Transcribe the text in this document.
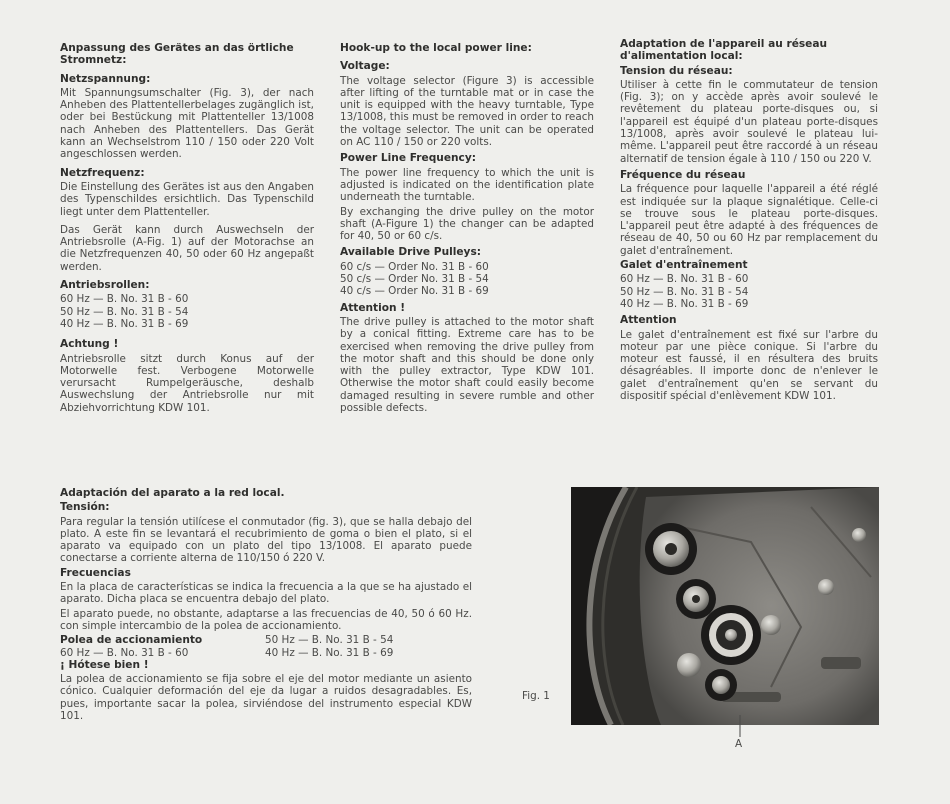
Anpassung des Gerätes an das örtliche
Stromnetz:
Netzspannung:

Mit Spannungsumschalter (Fig. 3), der nach Anheben des Plattentellerbelages zugänglich ist, oder bei Bestückung mit Plattenteller 13/1008 nach Anheben des Plattentellers. Das Gerät kann an Wechselstrom 110 / 150 oder 220 Volt angeschlossen werden.

Netzfrequenz:

Die Einstellung des Gerätes ist aus den Angaben des Typenschildes ersichtlich. Das Typenschild liegt unter dem Plattenteller.

Das Gerät kann durch Auswechseln der Antriebsrolle (A-Fig. 1) auf der Motorachse an die Netzfrequenzen 40, 50 oder 60 Hz angepaßt werden.

Antriebsrollen:
60 Hz — B. No. 31 B - 60
50 Hz — B. No. 31 B - 54
40 Hz — B. No. 31 B - 69
Achtung !

Antriebsrolle sitzt durch Konus auf der Motorwelle fest. Verbogene Motorwelle verursacht Rumpelgeräusche, deshalb Auswechslung der Antriebsrolle nur mit Abziehvorrichtung KDW 101.

Hook-up to the local power line:
Voltage:

The voltage selector (Figure 3) is accessible after lifting of the turntable mat or in case the unit is equipped with the heavy turntable, Type 13/1008, this must be removed in order to reach the voltage selector. The unit can be operated on AC 110 / 150 or 220 volts.

Power Line Frequency:

The power line frequency to which the unit is adjusted is indicated on the identification plate underneath the turntable.

By exchanging the drive pulley on the motor shaft (A-Figure 1) the changer can be adapted for 40, 50 or 60 c/s.

Available Drive Pulleys:
60 c/s — Order No. 31 B - 60
50 c/s — Order No. 31 B - 54
40 c/s — Order No. 31 B - 69
Attention !

The drive pulley is attached to the motor shaft by a conical fitting. Extreme care has to be exercised when removing the drive pulley from the motor shaft and this should be done only with the pulley extractor, Type KDW 101. Otherwise the motor shaft could easily become damaged resulting in severe rumble and other possible defects.

Adaptation de l'appareil au réseau
d'alimentation local:
Tension du réseau:

Utiliser à cette fin le commutateur de tension (Fig. 3); on y accède après avoir soulevé le revêtement du plateau porte-disques ou, si l'appareil est équipé d'un plateau porte-disques 13/1008, après avoir soulevé le plateau lui-même. L'appareil peut être raccordé à un réseau alternatif de tension égale à 110 / 150 ou 220 V.

Fréquence du réseau

La fréquence pour laquelle l'appareil a été réglé est indiquée sur la plaque signalétique. Celle-ci se trouve sous le plateau porte-disques. L'appareil peut être adapté à des fréquences de réseau de 40, 50 ou 60 Hz par remplacement du galet d'entraînement.

Galet d'entraînement
60 Hz — B. No. 31 B - 60
50 Hz — B. No. 31 B - 54
40 Hz — B. No. 31 B - 69
Attention

Le galet d'entraînement est fixé sur l'arbre du moteur par une pièce conique. Si l'arbre du moteur est faussé, il en résultera des bruits désagréables. Il importe donc de n'enlever le galet d'entraînement qu'en se servant du dispositif spécial d'enlèvement KDW 101.

Adaptación del aparato a la red local.
Tensión:

Para regular la tensión utilícese el conmutador (fig. 3), que se halla debajo del plato. A este fin se levantará el recubrimiento de goma o bien el plato, si el aparato va equipado con un plato del tipo 13/1008. El aparato puede conectarse a corriente alterna de 110/150 ó 220 V.

Frecuencias

En la placa de características se indica la frecuencia a la que se ha ajustado el aparato. Dicha placa se encuentra debajo del plato.

El aparato puede, no obstante, adaptarse a las frecuencias de 40, 50 ó 60 Hz. con simple intercambio de la polea de accionamiento.

Polea de accionamiento
60 Hz — B. No. 31 B - 60
50 Hz — B. No. 31 B - 54
40 Hz — B. No. 31 B - 69
¡ Hótese bien !

La polea de accionamiento se fija sobre el eje del motor mediante un asiento cónico. Cualquier deformación del eje da lugar a ruidos desagradables. Es, pues, importante sacar la polea, sirviéndose del instrumento especial KDW 101.

Fig. 1
A
